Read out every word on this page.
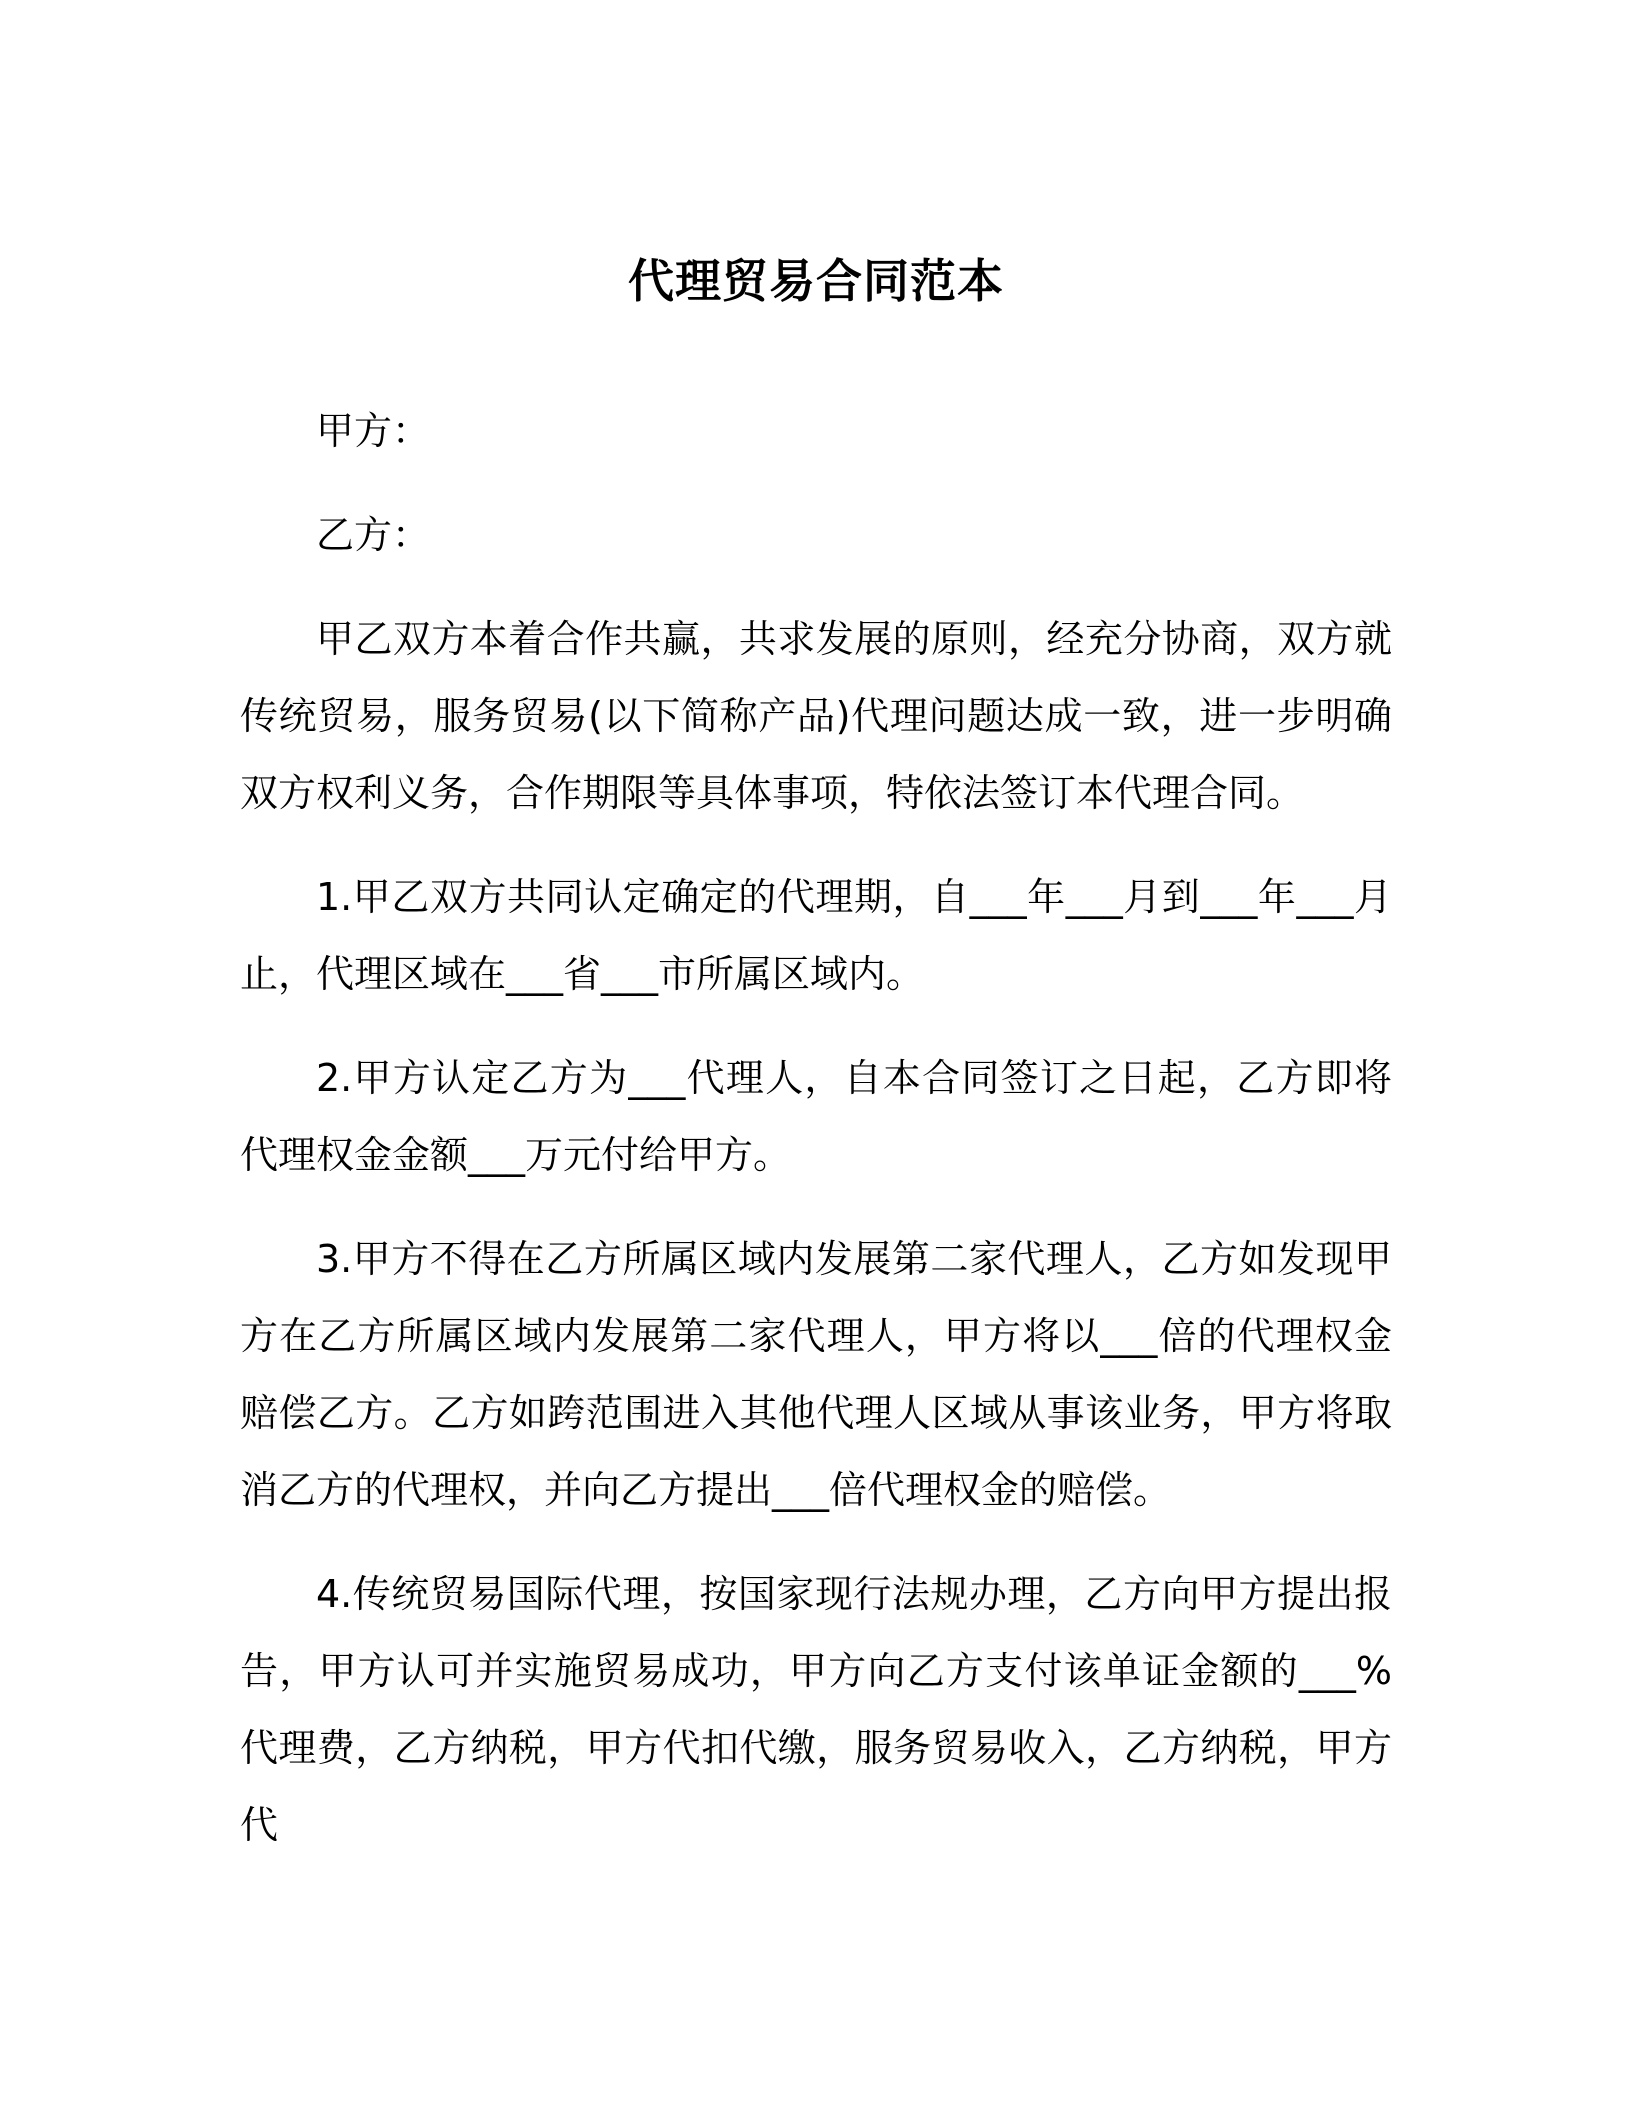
代理贸易合同范本

甲方：

乙方：

甲乙双方本着合作共赢，共求发展的原则，经充分协商，双方就传统贸易，服务贸易(以下简称产品)代理问题达成一致，进一步明确双方权利义务，合作期限等具体事项，特依法签订本代理合同。

1.甲乙双方共同认定确定的代理期，自___年___月到___年___月止，代理区域在___省___市所属区域内。

2.甲方认定乙方为___代理人，自本合同签订之日起，乙方即将代理权金金额___万元付给甲方。

3.甲方不得在乙方所属区域内发展第二家代理人，乙方如发现甲方在乙方所属区域内发展第二家代理人，甲方将以___倍的代理权金赔偿乙方。乙方如跨范围进入其他代理人区域从事该业务，甲方将取消乙方的代理权，并向乙方提出___倍代理权金的赔偿。

4.传统贸易国际代理，按国家现行法规办理，乙方向甲方提出报告，甲方认可并实施贸易成功，甲方向乙方支付该单证金额的___%代理费，乙方纳税，甲方代扣代缴，服务贸易收入，乙方纳税，甲方代
